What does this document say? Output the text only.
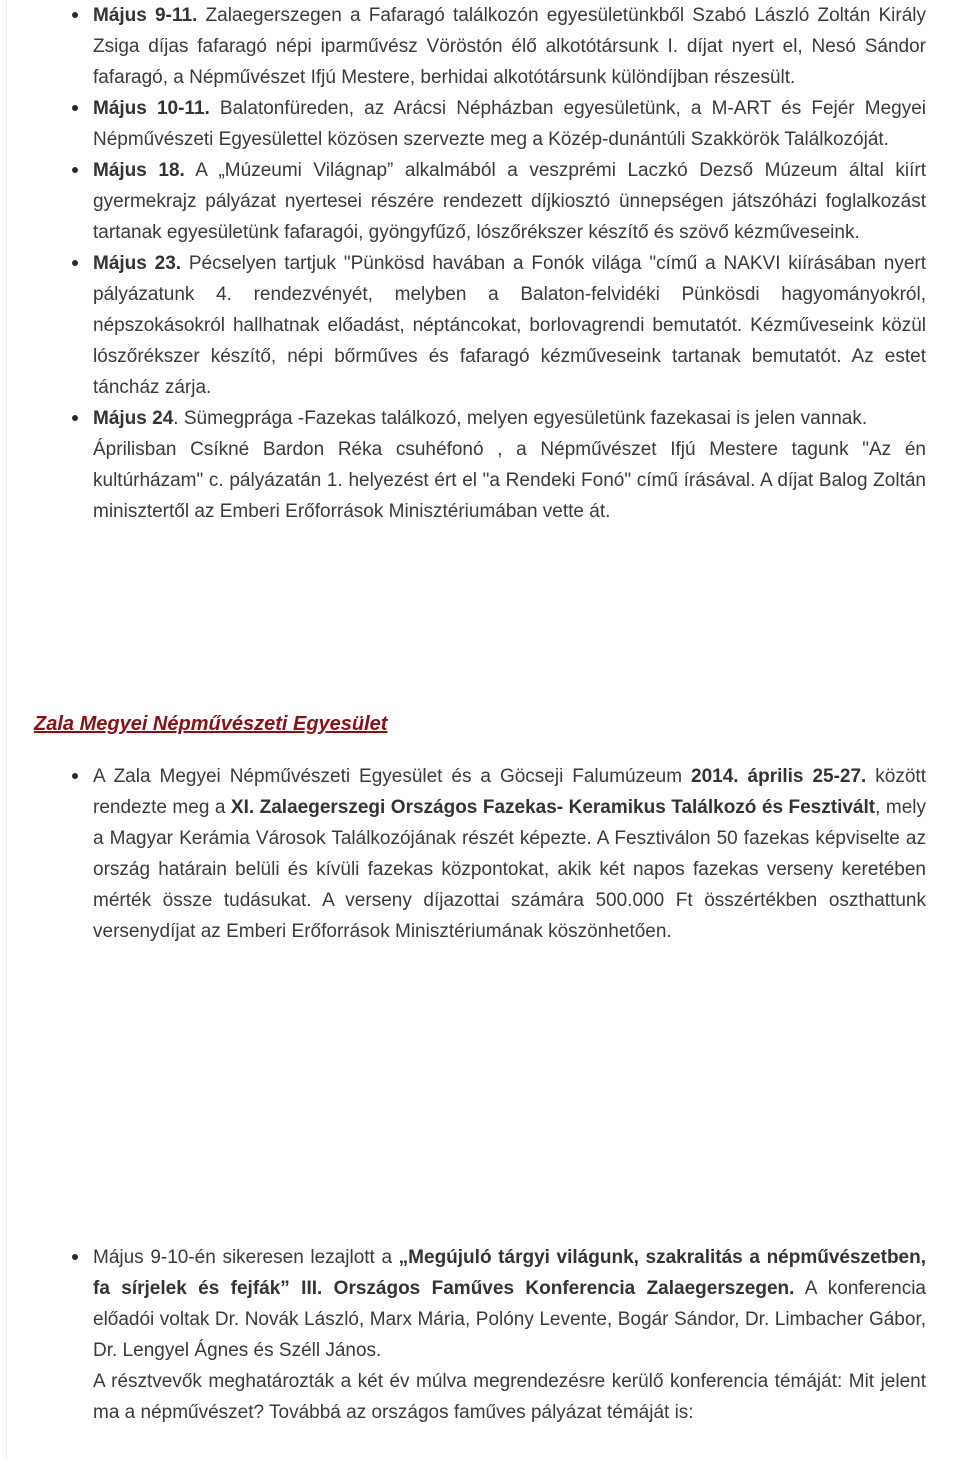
Május 9-11. Zalaegerszegen a Fafaragó találkozón egyesületünkből Szabó László Zoltán Király Zsiga díjas fafaragó népi iparművész Vöröstón élő alkotótársunk I. díjat nyert el, Nesó Sándor fafaragó, a Népművészet Ifjú Mestere, berhidai alkotótársunk különdíjban részesült.
Május 10-11. Balatonfüreden, az Arácsi Népházban egyesületünk, a M-ART és Fejér Megyei Népművészeti Egyesülettel közösen szervezte meg a Közép-dunántúli Szakkörök Találkozóját.
Május 18. A „Múzeumi Világnap” alkalmából a veszprémi Laczkó Dezső Múzeum által kiírt gyermekrajz pályázat nyertesei részére rendezett díjkiosztó ünnepségen játszóházi foglalkozást tartanak egyesületünk fafaragói, gyöngyfűző, lószőrékszer készítő és szövő kézműveseink.
Május 23. Pécselyen tartjuk "Pünkösd havában a Fonók világa "című a NAKVI kiírásában nyert pályázatunk 4. rendezvényét, melyben a Balaton-felvidéki Pünkösdi hagyományokról, népszokásokról hallhatnak előadást, néptáncokat, borlovagrendi bemutatót. Kézműveseink közül lószőrékszer készítő, népi bőrműves és fafaragó kézműveseink tartanak bemutatót. Az estet táncház zárja.
Május 24. Sümegprága -Fazekas találkozó, melyen egyesületünk fazekasai is jelen vannak.
Áprilisban Csíkné Bardon Réka csuhéfonó , a Népművészet Ifjú Mestere tagunk "Az én kultúrházam" c. pályázatán 1. helyezést ért el "a Rendeki Fonó" című írásával. A díjat Balog Zoltán minisztertől az Emberi Erőforrások Minisztériumában vette át.
Zala Megyei Népművészeti Egyesület
A Zala Megyei Népművészeti Egyesület és a Göcseji Falumúzeum 2014. április 25-27. között rendezte meg a XI. Zalaegerszegi Országos Fazekas- Keramikus Találkozó és Fesztivált, mely a Magyar Kerámia Városok Találkozójának részét képezte. A Fesztiválon 50 fazekas képviselte az ország határain belüli és kívüli fazekas központokat, akik két napos fazekas verseny keretében mérték össze tudásukat. A verseny díjazottai számára 500.000 Ft összértékben oszthattunk versenydíjat az Emberi Erőforrások Minisztériumának köszönhetően.
Május 9-10-én sikeresen lezajlott a „Megújuló tárgyi világunk, szakralitás a népművészetben, fa sírjelek és fejfák” III. Országos Faműves Konferencia Zalaegerszegen. A konferencia előadói voltak Dr. Novák László, Marx Mária, Polóny Levente, Bogár Sándor, Dr. Limbacher Gábor, Dr. Lengyel Ágnes és Széll János.
A résztvevők meghatározták a két év múlva megrendezésre kerülő konferencia témáját: Mit jelent ma a népművészet? Továbbá az országos faműves pályázat témáját is:
